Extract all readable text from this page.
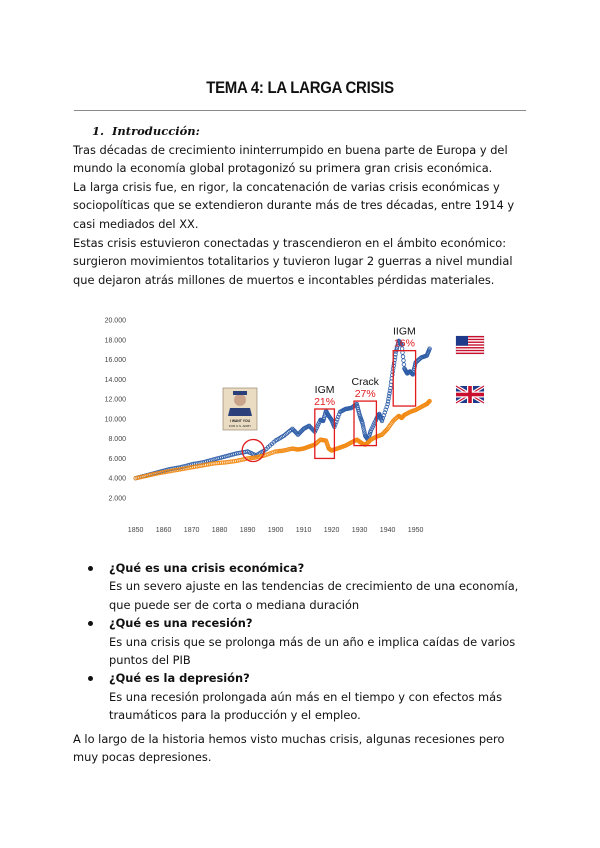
TEMA 4: LA LARGA CRISIS
1. Introducción:
Tras décadas de crecimiento ininterrumpido en buena parte de Europa y del mundo la economía global protagonizó su primera gran crisis económica.
La larga crisis fue, en rigor, la concatenación de varias crisis económicas y sociopolíticas que se extendieron durante más de tres décadas, entre 1914 y casi mediados del XX.
Estas crisis estuvieron conectadas y trascendieron en el ámbito económico: surgieron movimientos totalitarios y tuvieron lugar 2 guerras a nivel mundial que dejaron atrás millones de muertos e incontables pérdidas materiales.
20.000
18.000
16.000
14.000
12.000
10.000
8.000
6.000
4.000
2.000
1850 1860 1870 1880 1890 1900 1910 1920 1930 1940 1950
IGM
21%
Crack
27%
IIGM
16%
I WANT YOU
FOR U.S. ARMY
¿Qué es una crisis económica?
Es un severo ajuste en las tendencias de crecimiento de una economía, que puede ser de corta o mediana duración
¿Qué es una recesión?
Es una crisis que se prolonga más de un año e implica caídas de varios puntos del PIB
¿Qué es la depresión?
Es una recesión prolongada aún más en el tiempo y con efectos más traumáticos para la producción y el empleo.
A lo largo de la historia hemos visto muchas crisis, algunas recesiones pero muy pocas depresiones.
